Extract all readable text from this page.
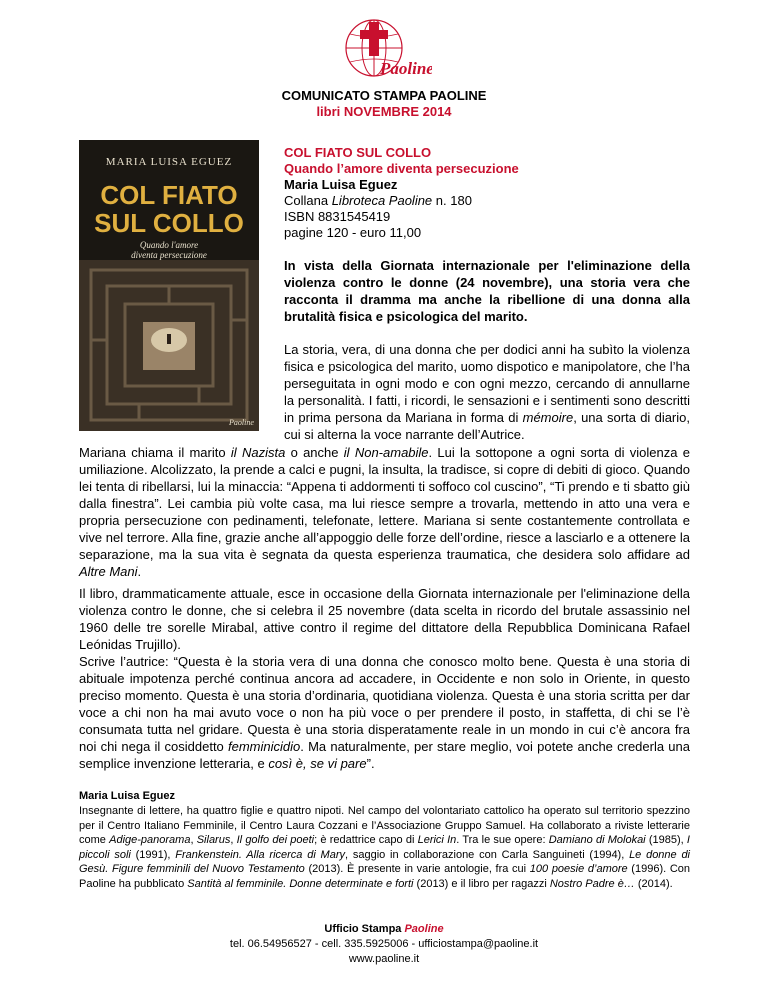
Paoline
COMUNICATO STAMPA PAOLINE
libri NOVEMBRE 2014
MARIA LUISA EGUEZ
COL FIATO
SUL COLLO
Quando l'amore
diventa persecuzione
Paoline

COL FIATO SUL COLLO

Quando l’amore diventa persecuzione

Maria Luisa Eguez

Collana Libroteca Paoline n. 180

ISBN 8831545419

pagine 120 - euro 11,00

In vista della Giornata internazionale per l'eliminazione della violenza contro le donne (24 novembre), una storia vera che racconta il dramma ma anche la ribellione di una donna alla brutalità fisica e psicologica del marito.

La storia, vera, di una donna che per dodici anni ha subìto la violenza fisica e psicologica del marito, uomo dispotico e manipolatore, che l’ha perseguitata in ogni modo e con ogni mezzo, cercando di annullarne la personalità. I fatti, i ricordi, le sensazioni e i sentimenti sono descritti in prima persona da Mariana in forma di mémoire, una sorta di diario, cui si alterna la voce narrante dell’Autrice.

Mariana chiama il marito il Nazista o anche il Non-amabile. Lui la sottopone a ogni sorta di violenza e umiliazione. Alcolizzato, la prende a calci e pugni, la insulta, la tradisce, si copre di debiti di gioco. Quando lei tenta di ribellarsi, lui la minaccia: “Appena ti addormenti ti soffoco col cuscino”, “Ti prendo e ti sbatto giù dalla finestra”. Lei cambia più volte casa, ma lui riesce sempre a trovarla, mettendo in atto una vera e propria persecuzione con pedinamenti, telefonate, lettere. Mariana si sente costantemente controllata e vive nel terrore. Alla fine, grazie anche all’appoggio delle forze dell’ordine, riesce a lasciarlo e a ottenere la separazione, ma la sua vita è segnata da questa esperienza traumatica, che desidera solo affidare ad Altre Mani.

Il libro, drammaticamente attuale, esce in occasione della Giornata internazionale per l'eliminazione della violenza contro le donne, che si celebra il 25 novembre (data scelta in ricordo del brutale assassinio nel 1960 delle tre sorelle Mirabal, attive contro il regime del dittatore della Repubblica Dominicana Rafael Leónidas Trujillo).

Scrive l’autrice: “Questa è la storia vera di una donna che conosco molto bene. Questa è una storia di abituale impotenza perché continua ancora ad accadere, in Occidente e non solo in Oriente, in questo preciso momento. Questa è una storia d’ordinaria, quotidiana violenza. Questa è una storia scritta per dar voce a chi non ha mai avuto voce o non ha più voce o per prendere il posto, in staffetta, di chi se l’è consumata tutta nel gridare. Questa è una storia disperatamente reale in un mondo in cui c’è ancora fra noi chi nega il cosiddetto femminicidio. Ma naturalmente, per stare meglio, voi potete anche crederla una semplice invenzione letteraria, e così è, se vi pare”.

Maria Luisa Eguez

Insegnante di lettere, ha quattro figlie e quattro nipoti. Nel campo del volontariato cattolico ha operato sul territorio spezzino per il Centro Italiano Femminile, il Centro Laura Cozzani e l’Associazione Gruppo Samuel. Ha collaborato a riviste letterarie come Adige-panorama, Silarus, Il golfo dei poeti; è redattrice capo di Lerici In. Tra le sue opere: Damiano di Molokai (1985), I piccoli soli (1991), Frankenstein. Alla ricerca di Mary, saggio in collaborazione con Carla Sanguineti (1994), Le donne di Gesù. Figure femminili del Nuovo Testamento (2013). È presente in varie antologie, fra cui 100 poesie d’amore (1996). Con Paoline ha pubblicato Santità al femminile. Donne determinate e forti (2013) e il libro per ragazzi Nostro Padre è… (2014).

Ufficio Stampa Paoline
tel. 06.54956527 - cell. 335.5925006 - ufficiostampa@paoline.it
www.paoline.it
